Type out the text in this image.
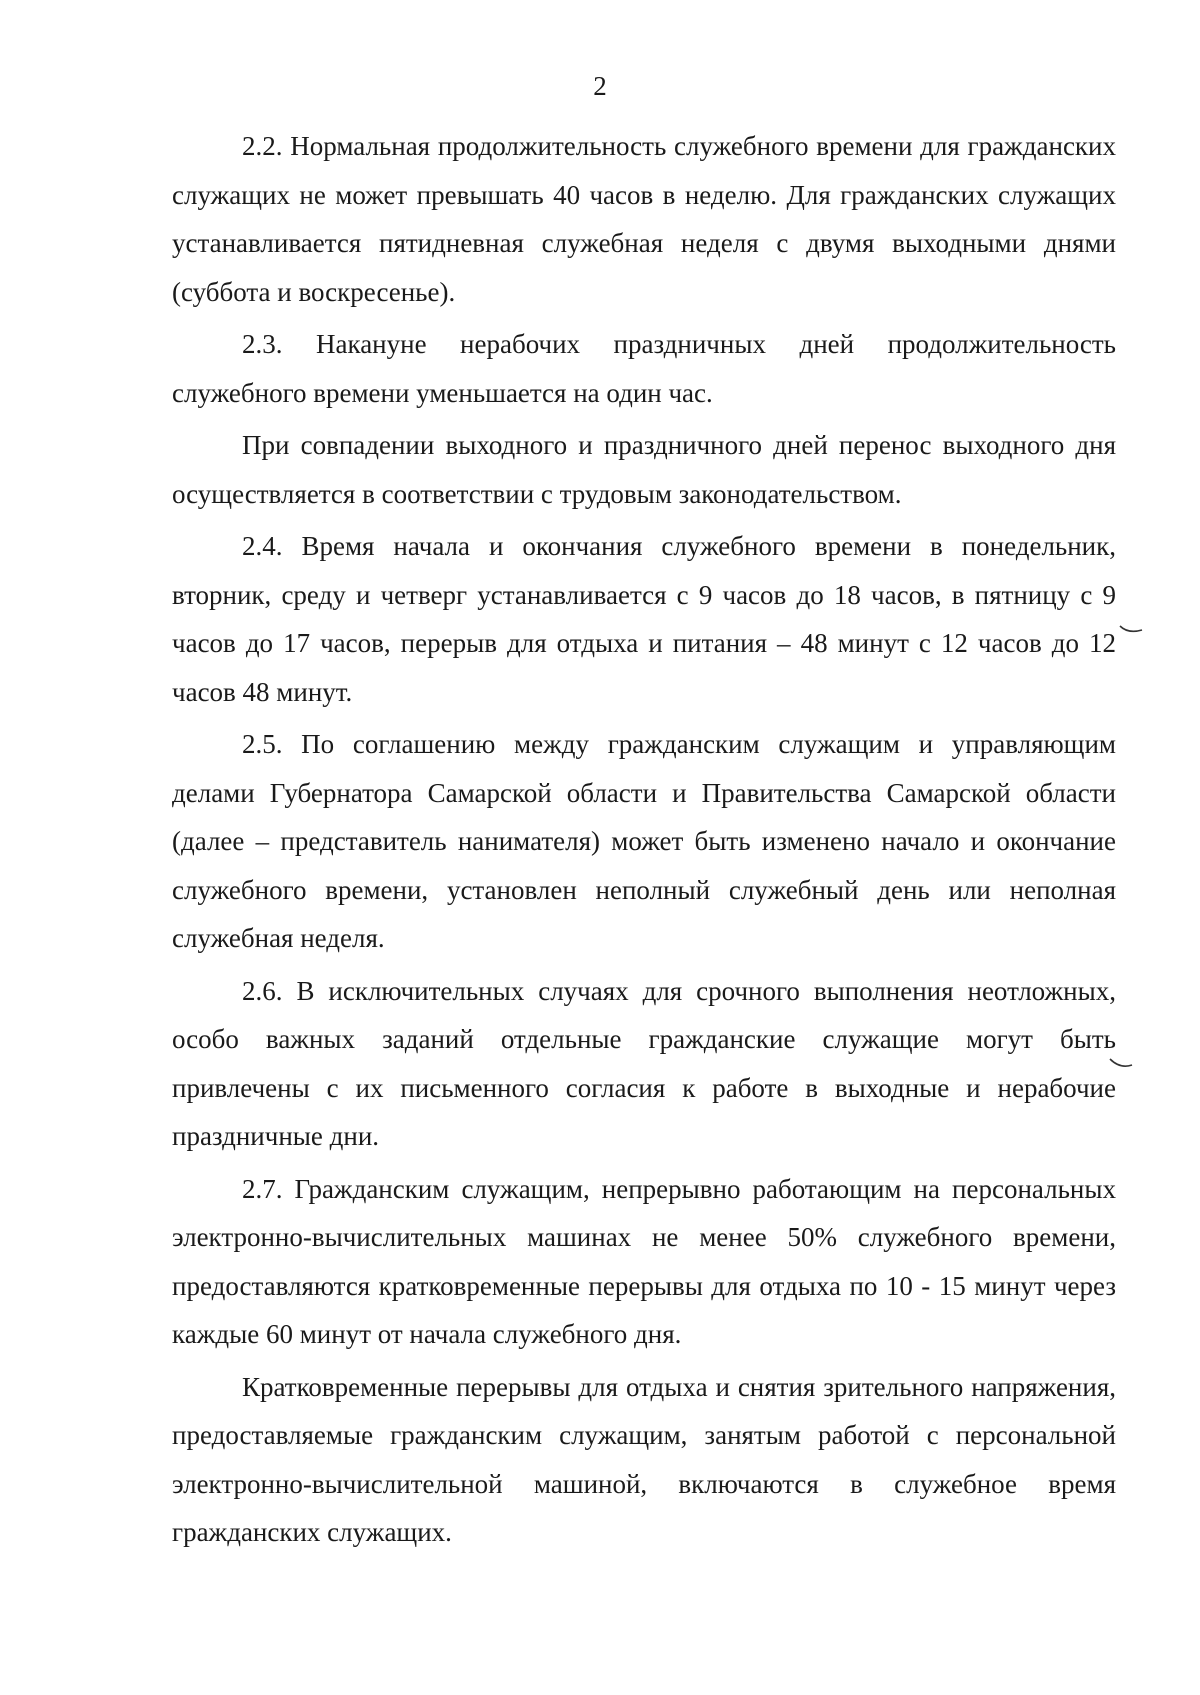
2

2.2. Нормальная продолжительность служебного времени для гражданских служащих не может превышать 40 часов в неделю. Для гражданских служащих устанавливается пятидневная служебная неделя с двумя выходными днями (суббота и воскресенье).

2.3. Накануне нерабочих праздничных дней продолжительность служебного времени уменьшается на один час.

При совпадении выходного и праздничного дней перенос выходного дня осуществляется в соответствии с трудовым законодательством.

2.4. Время начала и окончания служебного времени в понедельник, вторник, среду и четверг устанавливается с 9 часов до 18 часов, в пятницу с 9 часов до 17 часов, перерыв для отдыха и питания – 48 минут с 12 часов до 12 часов 48 минут.

2.5. По соглашению между гражданским служащим и управляющим делами Губернатора Самарской области и Правительства Самарской области (далее – представитель нанимателя) может быть изменено начало и окончание служебного времени, установлен неполный служебный день или неполная служебная неделя.

2.6. В исключительных случаях для срочного выполнения неотложных, особо важных заданий отдельные гражданские служащие могут быть привлечены с их письменного согласия к работе в выходные и нерабочие праздничные дни.

2.7. Гражданским служащим, непрерывно работающим на персональных электронно-вычислительных машинах не менее 50% служебного времени, предоставляются кратковременные перерывы для отдыха по 10 - 15 минут через каждые 60 минут от начала служебного дня.

Кратковременные перерывы для отдыха и снятия зрительного напряжения, предоставляемые гражданским служащим, занятым работой с персональной электронно-вычислительной машиной, включаются в служебное время гражданских служащих.
